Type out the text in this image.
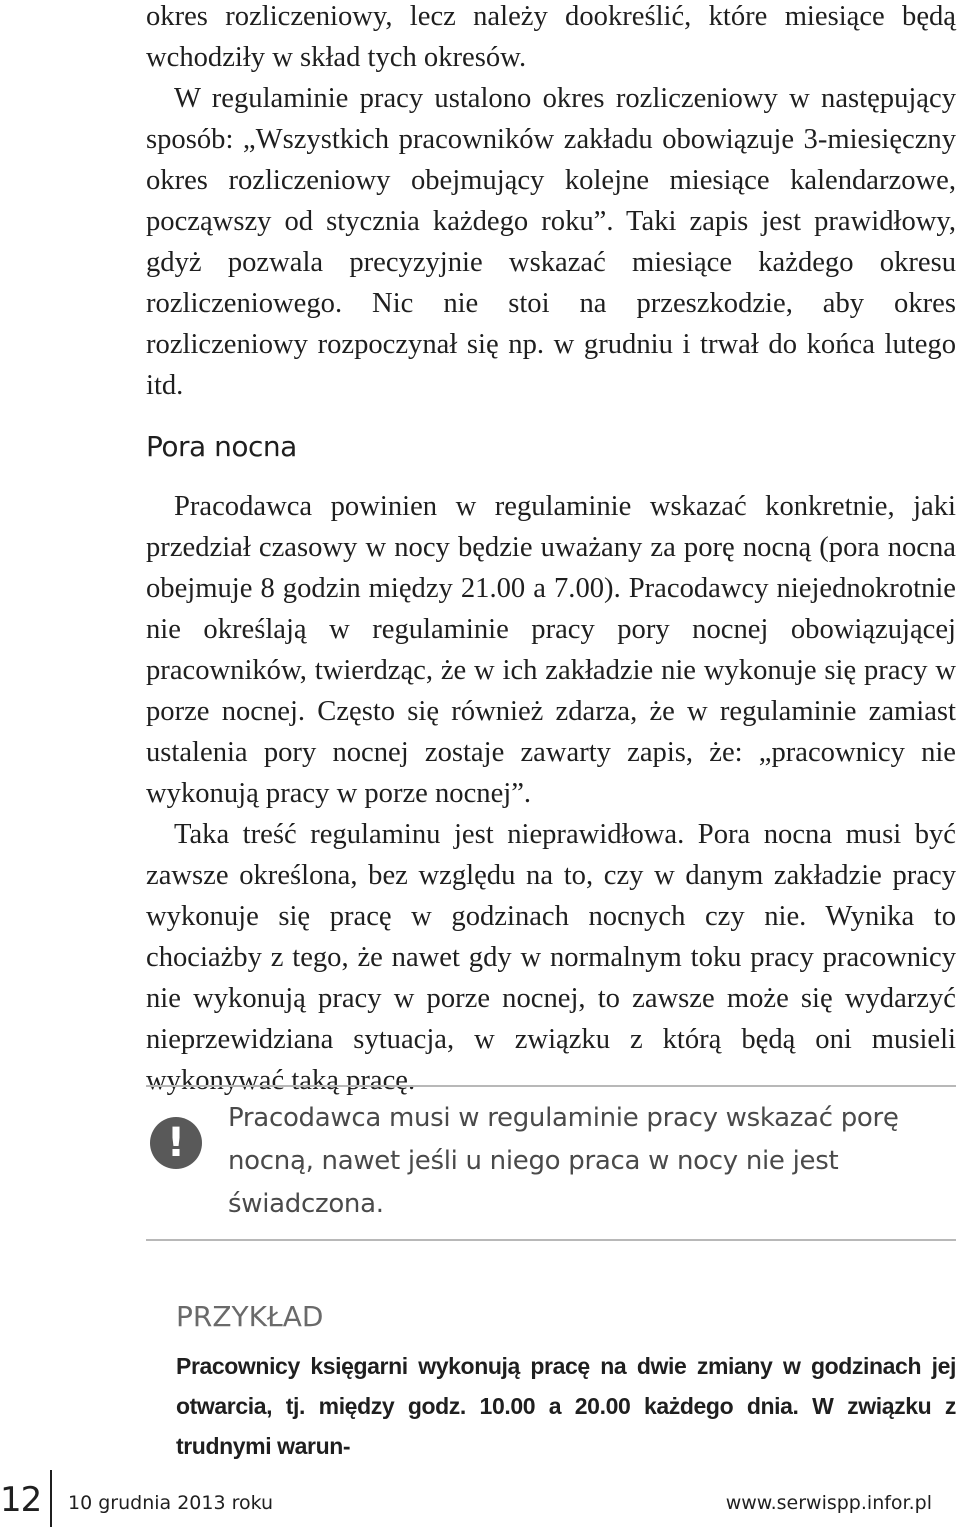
okres rozliczeniowy, lecz należy dookreślić, które miesiące będą wchodziły w skład tych okresów.

W regulaminie pracy ustalono okres rozliczeniowy w następujący sposób: „Wszystkich pracowników zakładu obowiązuje 3-miesięczny okres rozliczeniowy obejmujący kolejne miesiące kalendarzowe, począwszy od stycznia każdego roku”. Taki zapis jest prawidłowy, gdyż pozwala precyzyjnie wskazać miesiące każdego okresu rozliczeniowego. Nic nie stoi na przeszkodzie, aby okres rozliczeniowy rozpoczynał się np. w grudniu i trwał do końca lutego itd.

Pora nocna

Pracodawca powinien w regulaminie wskazać konkretnie, jaki przedział czasowy w nocy będzie uważany za porę nocną (pora nocna obejmuje 8 godzin między 21.00 a 7.00). Pracodawcy niejednokrotnie nie określają w regulaminie pracy pory nocnej obowiązującej pracowników, twierdząc, że w ich zakładzie nie wykonuje się pracy w porze nocnej. Często się również zdarza, że w regulaminie zamiast ustalenia pory nocnej zostaje zawarty zapis, że: „pracownicy nie wykonują pracy w porze nocnej”.

Taka treść regulaminu jest nieprawidłowa. Pora nocna musi być zawsze określona, bez względu na to, czy w danym zakładzie pracy wykonuje się pracę w godzinach nocnych czy nie. Wynika to chociażby z tego, że nawet gdy w normalnym toku pracy pracownicy nie wykonują pracy w porze nocnej, to zawsze może się wydarzyć nieprzewidziana sytuacja, w związku z którą będą oni musieli wykonywać taką pracę.

!
Pracodawca musi w regulaminie pracy wskazać porę nocną, nawet jeśli u niego praca w nocy nie jest świadczona.
PRZYKŁAD
Pracownicy księgarni wykonują pracę na dwie zmiany w godzinach jej otwarcia, tj. między godz. 10.00 a 20.00 każdego dnia. W związku z trudnymi warun-
12 10 grudnia 2013 roku	www.serwispp.infor.pl
